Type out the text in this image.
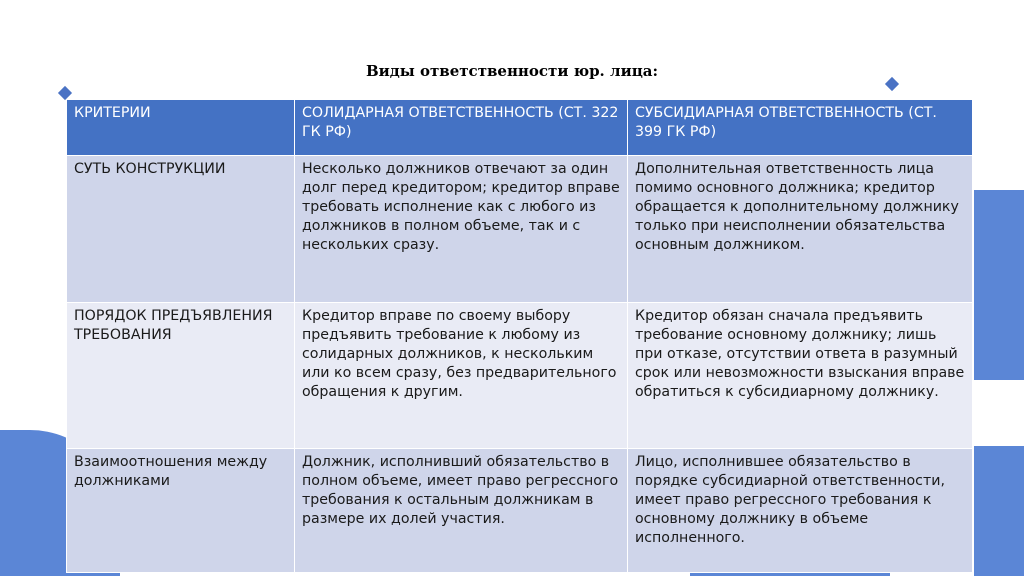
Виды ответственности юр. лица:
КРИТЕРИИ	СОЛИДАРНАЯ ОТВЕТСТВЕННОСТЬ (СТ. 322 ГК РФ)	СУБСИДИАРНАЯ ОТВЕТСТВЕННОСТЬ (СТ. 399 ГК РФ)
СУТЬ КОНСТРУКЦИИ	Несколько должников отвечают за один долг перед кредитором; кредитор вправе требовать исполнение как с любого из должников в полном объеме, так и с нескольких сразу.	Дополнительная ответственность лица помимо основного должника; кредитор обращается к дополнительному должнику только при неисполнении обязательства основным должником.
ПОРЯДОК ПРЕДЪЯВЛЕНИЯ ТРЕБОВАНИЯ	Кредитор вправе по своему выбору предъявить требование к любому из солидарных должников, к нескольким или ко всем сразу, без предварительного обращения к другим.	Кредитор обязан сначала предъявить требование основному должнику; лишь при отказе, отсутствии ответа в разумный срок или невозможности взыскания вправе обратиться к субсидиарному должнику.
Взаимоотношения между должниками	Должник, исполнивший обязательство в полном объеме, имеет право регрессного требования к остальным должникам в размере их долей участия.	Лицо, исполнившее обязательство в порядке субсидиарной ответственности, имеет право регрессного требования к основному должнику в объеме исполненного.
